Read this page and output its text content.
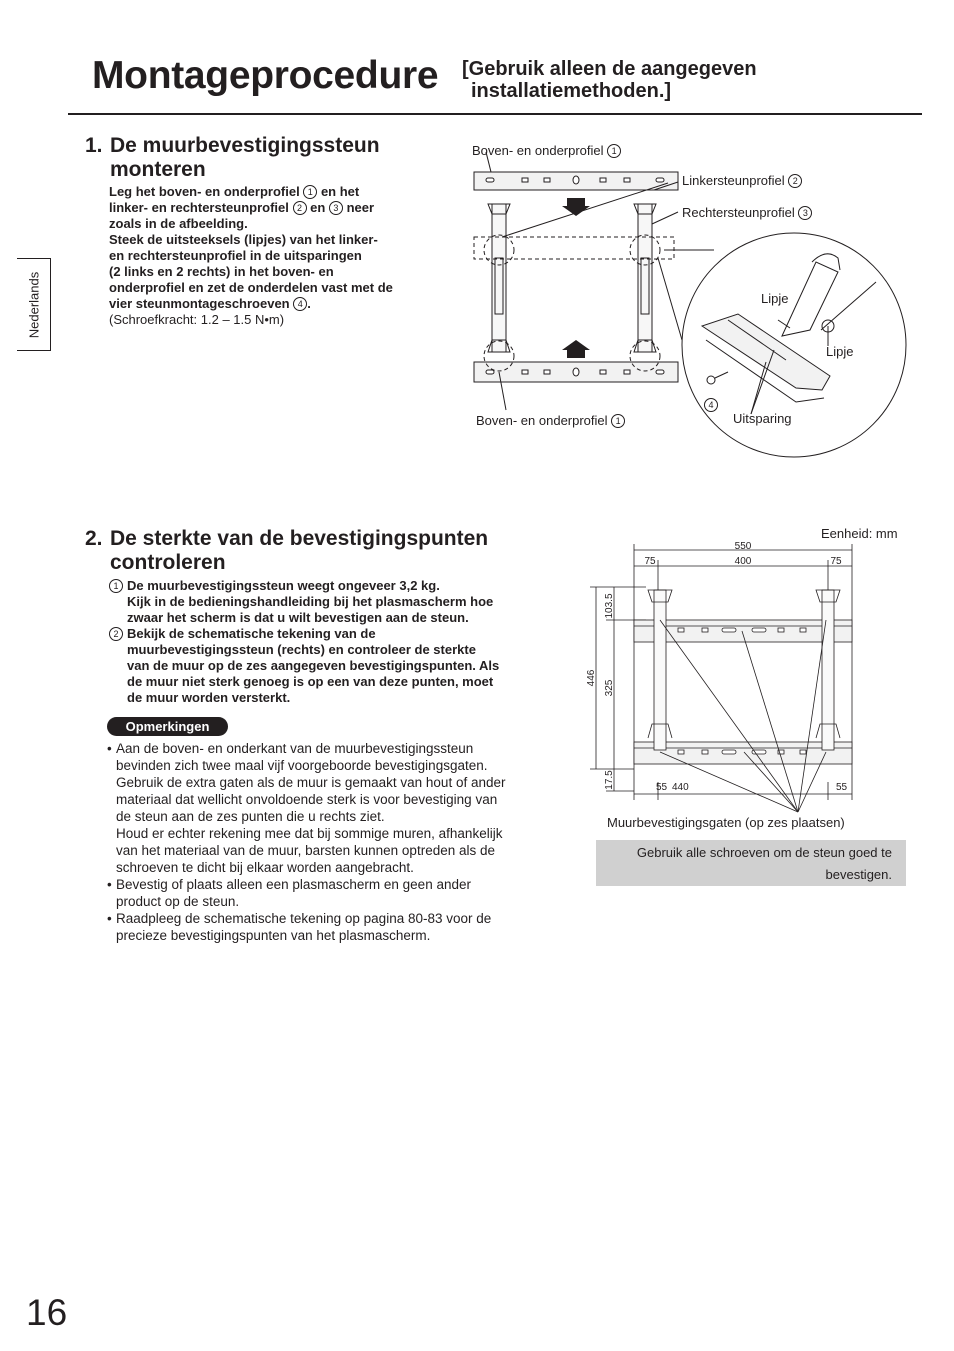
Montageprocedure [Gebruik alleen de aangegeven
installatiemethoden.]
Nederlands
1. De muurbevestigingssteun
monteren
Leg het boven- en onderprofiel 1 en het
linker- en rechtersteunprofiel 2 en 3 neer
zoals in de afbeelding.
Steek de uitsteeksels (lipjes) van het linker-
en rechtersteunprofiel in de uitsparingen
(2 links en 2 rechts) in het boven- en
onderprofiel en zet de onderdelen vast met de
vier steunmontageschroeven 4 .
(Schroefkracht: 1.2 – 1.5 N•m)
Boven- en onderprofiel 1
Linkersteunprofiel 2
Rechtersteunprofiel 3
Boven- en onderprofiel 1
Lipje
Lipje
Uitsparing
4
2. De sterkte van de bevestigingspunten
controleren
1 De muurbevestigingssteun weegt ongeveer 3,2 kg.
Kijk in de bedieningshandleiding bij het plasmascherm hoe
zwaar het scherm is dat u wilt bevestigen aan de steun.
2 Bekijk de schematische tekening van de
muurbevestigingssteun (rechts) en controleer de sterkte
van de muur op de zes aangegeven bevestigingspunten. Als
de muur niet sterk genoeg is op een van deze punten, moet
de muur worden versterkt.
Opmerkingen
• Aan de boven- en onderkant van de muurbevestigingssteun
bevinden zich twee maal vijf voorgeboorde bevestigingsgaten.
Gebruik de extra gaten als de muur is gemaakt van hout of ander
materiaal dat wellicht onvoldoende sterk is voor bevestiging van
de steun aan de zes punten die u rechts ziet.
Houd er echter rekening mee dat bij sommige muren, afhankelijk
van het materiaal van de muur, barsten kunnen optreden als de
schroeven te dicht bij elkaar worden aangebracht.
• Bevestig of plaats alleen een plasmascherm en geen ander
product op de steun.
• Raadpleeg de schematische tekening op pagina 80-83 voor de
precieze bevestigingspunten van het plasmascherm.
Eenheid: mm
550
400
75	75
55 440	55
446
103.5
325
17.5
Muurbevestigingsgaten (op zes plaatsen)
Gebruik alle schroeven om de steun goed te
bevestigen.
16
